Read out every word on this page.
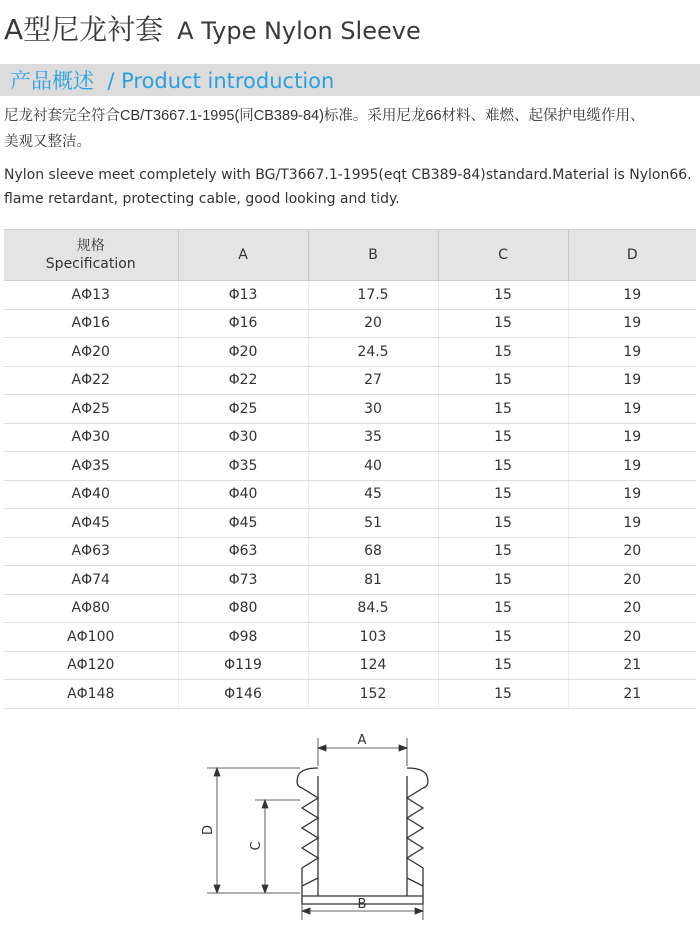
A型尼龙衬套 A Type Nylon Sleeve
产品概述  / Product introduction
尼龙衬套完全符合CB/T3667.1-1995(同CB389-84)标准。采用尼龙66材料、难燃、起保护电缆作用、
美观又整洁。
Nylon sleeve meet completely with BG/T3667.1-1995(eqt CB389-84)standard.Material is Nylon66.
flame retardant, protecting cable, good looking and tidy.
规格
Specification	A	B	C	D
AΦ13	Φ13	17.5	15	19
AΦ16	Φ16	20	15	19
AΦ20	Φ20	24.5	15	19
AΦ22	Φ22	27	15	19
AΦ25	Φ25	30	15	19
AΦ30	Φ30	35	15	19
AΦ35	Φ35	40	15	19
AΦ40	Φ40	45	15	19
AΦ45	Φ45	51	15	19
AΦ63	Φ63	68	15	20
AΦ74	Φ73	81	15	20
AΦ80	Φ80	84.5	15	20
AΦ100	Φ98	103	15	20
AΦ120	Φ119	124	15	21
AΦ148	Φ146	152	15	21
A
B
D
C
